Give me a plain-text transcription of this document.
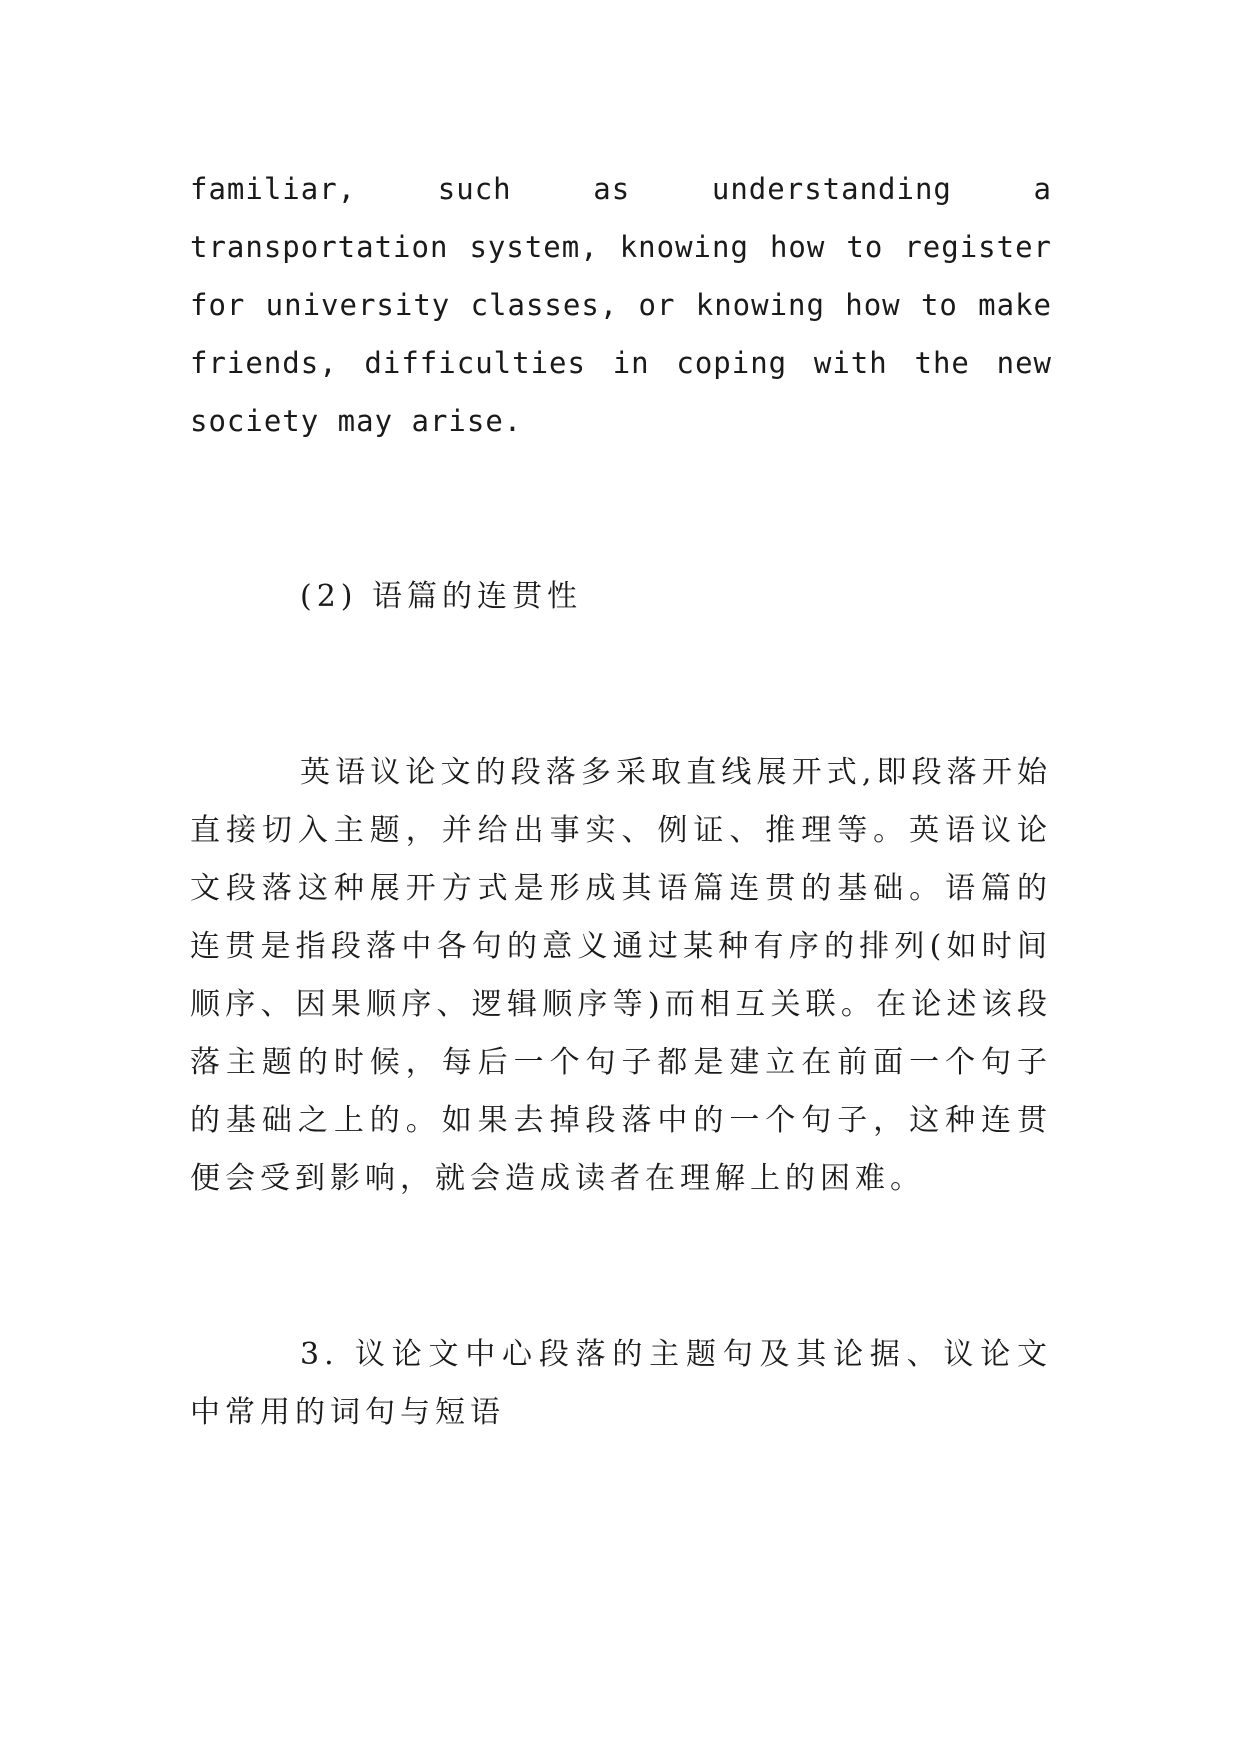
familiar, such as understanding a transportation system, knowing how to register for university classes, or knowing how to make friends, difficulties in coping with the new society may arise.

(2) 语篇的连贯性

英语议论文的段落多采取直线展开式,即段落开始直接切入主题，并给出事实、例证、推理等。英语议论文段落这种展开方式是形成其语篇连贯的基础。语篇的连贯是指段落中各句的意义通过某种有序的排列(如时间顺序、因果顺序、逻辑顺序等)而相互关联。在论述该段落主题的时候，每后一个句子都是建立在前面一个句子的基础之上的。如果去掉段落中的一个句子，这种连贯便会受到影响，就会造成读者在理解上的困难。

3. 议论文中心段落的主题句及其论据、议论文中常用的词句与短语
